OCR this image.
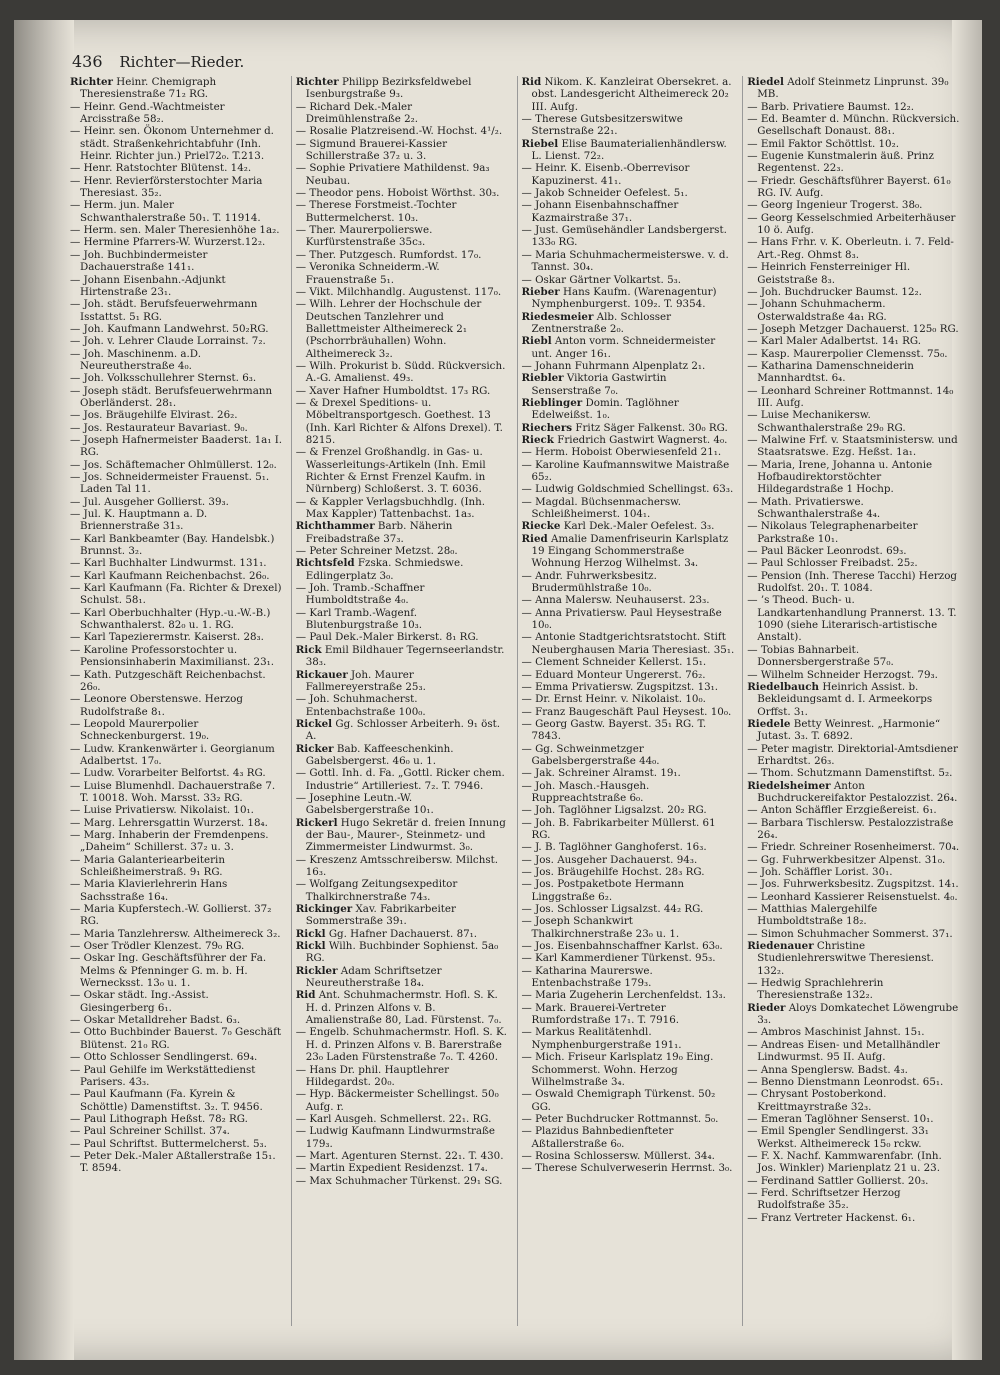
436 Richter—Rieder.

Richter Heinr. Chemigraph Theresienstraße 71₂ RG.

— Heinr. Gend.-Wachtmeister Arcisstraße 58₂.

— Heinr. sen. Ökonom Unternehmer d. städt. Straßenkehrichtabfuhr (Inh. Heinr. Richter jun.) Priel72₀. T.213.

— Henr. Ratstochter Blütenst. 14₂.

— Henr. Revierförsterstochter Maria Theresiast. 35₂.

— Herm. jun. Maler Schwanthalerstraße 50₁. T. 11914.

— Herm. sen. Maler Theresienhöhe 1a₂.

— Hermine Pfarrers-W. Wurzerst.12₂.

— Joh. Buchbindermeister Dachauerstraße 141₁.

— Johann Eisenbahn.-Adjunkt Hirtenstraße 23₁.

— Joh. städt. Berufsfeuerwehrmann Isstattst. 5₁ RG.

— Joh. Kaufmann Landwehrst. 50₂RG.

— Joh. v. Lehrer Claude Lorrainst. 7₂.

— Joh. Maschinenm. a.D. Neureutherstraße 4₀.

— Joh. Volksschullehrer Sternst. 6₃.

— Joseph städt. Berufsfeuerwehrmann Oberländerst. 28₁.

— Jos. Bräugehilfe Elvirast. 26₂.

— Jos. Restaurateur Bavariast. 9₀.

— Joseph Hafnermeister Baaderst. 1a₁ I. RG.

— Jos. Schäftemacher Ohlmüllerst. 12₀.

— Jos. Schneidermeister Frauenst. 5₁. Laden Tal 11.

— Jul. Ausgeher Gollierst. 39₃.

— Jul. K. Hauptmann a. D. Briennerstraße 31₃.

— Karl Bankbeamter (Bay. Handelsbk.) Brunnst. 3₂.

— Karl Buchhalter Lindwurmst. 131₁.

— Karl Kaufmann Reichenbachst. 26₀.

— Karl Kaufmann (Fa. Richter & Drexel) Schulst. 58₁.

— Karl Oberbuchhalter (Hyp.-u.-W.-B.) Schwanthalerst. 82₀ u. 1. RG.

— Karl Tapezierermstr. Kaiserst. 28₃.

— Karoline Professorstochter u. Pensionsinhaberin Maximilianst. 23₁.

— Kath. Putzgeschäft Reichenbachst. 26₀.

— Leonore Oberstenswe. Herzog Rudolfstraße 8₁.

— Leopold Maurerpolier Schneckenburgerst. 19₀.

— Ludw. Krankenwärter i. Georgianum Adalbertst. 17₀.

— Ludw. Vorarbeiter Belfortst. 4₃ RG.

— Luise Blumenhdl. Dachauerstraße 7. T. 10018. Woh. Marsst. 33₂ RG.

— Luise Privatiersw. Nikolaist. 10₁.

— Marg. Lehrersgattin Wurzerst. 18₄.

— Marg. Inhaberin der Fremdenpens. „Daheim“ Schillerst. 37₂ u. 3.

— Maria Galanteriearbeiterin Schleißheimerstraß. 9₁ RG.

— Maria Klavierlehrerin Hans Sachsstraße 16₄.

— Maria Kupferstech.-W. Gollierst. 37₂ RG.

— Maria Tanzlehrersw. Altheimereck 3₂.

— Oser Trödler Klenzest. 79₀ RG.

— Oskar Ing. Geschäftsführer der Fa. Melms & Pfenninger G. m. b. H. Wernecksst. 13₀ u. 1.

— Oskar städt. Ing.-Assist. Giesingerberg 6₁.

— Oskar Metalldreher Badst. 6₃.

— Otto Buchbinder Bauerst. 7₀ Geschäft Blütenst. 21₀ RG.

— Otto Schlosser Sendlingerst. 69₄.

— Paul Gehilfe im Werkstättedienst Parisers. 43₃.

— Paul Kaufmann (Fa. Kyrein & Schöttle) Damenstiftst. 3₂. T. 9456.

— Paul Lithograph Heßst. 78₂ RG.

— Paul Schreiner Schillst. 37₄.

— Paul Schriftst. Buttermelcherst. 5₃.

— Peter Dek.-Maler Aßtallerstraße 15₁. T. 8594.

Richter Philipp Bezirksfeldwebel Isenburgstraße 9₃.

— Richard Dek.-Maler Dreimühlenstraße 2₂.

— Rosalie Platzreisend.-W. Hochst. 4¹/₂.

— Sigmund Brauerei-Kassier Schillerstraße 37₂ u. 3.

— Sophie Privatiere Mathildenst. 9a₃ Neubau.

— Theodor pens. Hoboist Wörthst. 30₃.

— Therese Forstmeist.-Tochter Buttermelcherst. 10₃.

— Ther. Maurerpolierswe. Kurfürstenstraße 35c₃.

— Ther. Putzgesch. Rumfordst. 17₀.

— Veronika Schneiderm.-W. Frauenstraße 5₁.

— Vikt. Milchhandlg. Augustenst. 117₀.

— Wilh. Lehrer der Hochschule der Deutschen Tanzlehrer und Ballettmeister Altheimereck 2₁ (Pschorrbräuhallen) Wohn. Altheimereck 3₂.

— Wilh. Prokurist b. Südd. Rückversich. A.-G. Amalienst. 49₃.

— Xaver Hafner Humboldtst. 17₃ RG.

— & Drexel Speditions- u. Möbeltransportgesch. Goethest. 13 (Inh. Karl Richter & Alfons Drexel). T. 8215.

— & Frenzel Großhandlg. in Gas- u. Wasserleitungs-Artikeln (Inh. Emil Richter & Ernst Frenzel Kaufm. in Nürnberg) Schloßerst. 3. T. 6036.

— & Kappler Verlagsbuchhdlg. (Inh. Max Kappler) Tattenbachst. 1a₃.

Richthammer Barb. Näherin Freibadstraße 37₃.

— Peter Schreiner Metzst. 28₀.

Richtsfeld Fzska. Schmiedswe. Edlingerplatz 3₀.

— Joh. Tramb.-Schaffner Humboldtstraße 4₀.

— Karl Tramb.-Wagenf. Blutenburgstraße 10₃.

— Paul Dek.-Maler Birkerst. 8₁ RG.

Rick Emil Bildhauer Tegernseerlandstr. 38₃.

Rickauer Joh. Maurer Fallmereyerstraße 25₃.

— Joh. Schuhmacherst. Entenbachstraße 100₀.

Rickel Gg. Schlosser Arbeiterh. 9₁ öst. A.

Ricker Bab. Kaffeeschenkinh. Gabelsbergerst. 46₀ u. 1.

— Gottl. Inh. d. Fa. „Gottl. Ricker chem. Industrie“ Artilleriest. 7₂. T. 7946.

— Josephine Leutn.-W. Gabelsbergerstraße 10₁.

Rickerl Hugo Sekretär d. freien Innung der Bau-, Maurer-, Steinmetz- und Zimmermeister Lindwurmst. 3₀.

— Kreszenz Amtsschreibersw. Milchst. 16₃.

— Wolfgang Zeitungsexpeditor Thalkirchnerstraße 74₃.

Rickinger Xav. Fabrikarbeiter Sommerstraße 39₁.

Rickl Gg. Hafner Dachauerst. 87₁.

Rickl Wilh. Buchbinder Sophienst. 5a₀ RG.

Rickler Adam Schriftsetzer Neureutherstraße 18₄.

Rid Ant. Schuhmachermstr. Hofl. S. K. H. d. Prinzen Alfons v. B. Amalienstraße 80, Lad. Fürstenst. 7₀.

— Engelb. Schuhmachermstr. Hofl. S. K. H. d. Prinzen Alfons v. B. Barerstraße 23₀ Laden Fürstenstraße 7₀. T. 4260.

— Hans Dr. phil. Hauptlehrer Hildegardst. 20₀.

— Hyp. Bäckermeister Schellingst. 50₀ Aufg. r.

— Karl Ausgeh. Schmellerst. 22₁. RG.

— Ludwig Kaufmann Lindwurmstraße 179₃.

— Mart. Agenturen Sternst. 22₁. T. 430.

— Martin Expedient Residenzst. 17₄.

— Max Schuhmacher Türkenst. 29₁ SG.

Rid Nikom. K. Kanzleirat Obersekret. a. obst. Landesgericht Altheimereck 20₂ III. Aufg.

— Therese Gutsbesitzerswitwe Sternstraße 22₁.

Riebel Elise Baumaterialienhändlersw. L. Lienst. 72₂.

— Heinr. K. Eisenb.-Oberrevisor Kapuzinerst. 41₁.

— Jakob Schneider Oefelest. 5₁.

— Johann Eisenbahnschaffner Kazmairstraße 37₁.

— Just. Gemüsehändler Landsbergerst. 133₀ RG.

— Maria Schuhmachermeisterswe. v. d. Tannst. 30₄.

— Oskar Gärtner Volkartst. 5₃.

Rieber Hans Kaufm. (Warenagentur) Nymphenburgerst. 109₂. T. 9354.

Riedesmeier Alb. Schlosser Zentnerstraße 2₀.

Riebl Anton vorm. Schneidermeister unt. Anger 16₁.

— Johann Fuhrmann Alpenplatz 2₁.

Riebler Viktoria Gastwirtin Senserstraße 7₀.

Rieblinger Domin. Taglöhner Edelweißst. 1₀.

Riechers Fritz Säger Falkenst. 30₀ RG.

Rieck Friedrich Gastwirt Wagnerst. 4₀.

— Herm. Hoboist Oberwiesenfeld 21₁.

— Karoline Kaufmannswitwe Maistraße 65₂.

— Ludwig Goldschmied Schellingst. 63₃.

— Magdal. Büchsenmachersw. Schleißheimerst. 104₁.

Riecke Karl Dek.-Maler Oefelest. 3₃.

Ried Amalie Damenfriseurin Karlsplatz 19 Eingang Schommerstraße Wohnung Herzog Wilhelmst. 3₄.

— Andr. Fuhrwerksbesitz. Brudermühlstraße 10₀.

— Anna Malersw. Neuhauserst. 23₃.

— Anna Privatiersw. Paul Heysestraße 10₀.

— Antonie Stadtgerichtsratstocht. Stift Neuberghausen Maria Theresiast. 35₁.

— Clement Schneider Kellerst. 15₁.

— Eduard Monteur Ungererst. 76₂.

— Emma Privatiersw. Zugspitzst. 13₁.

— Dr. Ernst Heinr. v. Nikolaist. 10₀.

— Franz Baugeschäft Paul Heysest. 10₀.

— Georg Gastw. Bayerst. 35₁ RG. T. 7843.

— Gg. Schweinmetzger Gabelsbergerstraße 44₀.

— Jak. Schreiner Alramst. 19₁.

— Joh. Masch.-Hausgeh. Ruppreachtstraße 6₀.

— Joh. Taglöhner Ligsalzst. 20₂ RG.

— Joh. B. Fabrikarbeiter Müllerst. 61 RG.

— J. B. Taglöhner Ganghoferst. 16₃.

— Jos. Ausgeher Dachauerst. 94₃.

— Jos. Bräugehilfe Hochst. 28₃ RG.

— Jos. Postpaketbote Hermann Linggstraße 6₂.

— Jos. Schlosser Ligsalzst. 44₂ RG.

— Joseph Schankwirt Thalkirchnerstraße 23₀ u. 1.

— Jos. Eisenbahnschaffner Karlst. 63₀.

— Karl Kammerdiener Türkenst. 95₃.

— Katharina Maurerswe. Entenbachstraße 179₃.

— Maria Zugeherin Lerchenfeldst. 13₃.

— Mark. Brauerei-Vertreter Rumfordstraße 17₁. T. 7916.

— Markus Realitätenhdl. Nymphenburgerstraße 191₁.

— Mich. Friseur Karlsplatz 19₀ Eing. Schommerst. Wohn. Herzog Wilhelmstraße 3₄.

— Oswald Chemigraph Türkenst. 50₂ GG.

— Peter Buchdrucker Rottmannst. 5₀.

— Plazidus Bahnbedienfteter Aßtallerstraße 6₀.

— Rosina Schlossersw. Müllerst. 34₄.

— Therese Schulverweserin Herrnst. 3₀.

Riedel Adolf Steinmetz Linprunst. 39₀ MB.

— Barb. Privatiere Baumst. 12₂.

— Ed. Beamter d. Münchn. Rückversich. Gesellschaft Donaust. 88₁.

— Emil Faktor Schöttlst. 10₂.

— Eugenie Kunstmalerin äuß. Prinz Regentenst. 22₃.

— Friedr. Geschäftsführer Bayerst. 61₀ RG. IV. Aufg.

— Georg Ingenieur Trogerst. 38₀.

— Georg Kesselschmied Arbeiterhäuser 10 ö. Aufg.

— Hans Frhr. v. K. Oberleutn. i. 7. Feld-Art.-Reg. Ohmst 8₃.

— Heinrich Fensterreiniger Hl. Geiststraße 8₃.

— Joh. Buchdrucker Baumst. 12₂.

— Johann Schuhmacherm. Osterwaldstraße 4a₁ RG.

— Joseph Metzger Dachauerst. 125₀ RG.

— Karl Maler Adalbertst. 14₁ RG.

— Kasp. Maurerpolier Clemensst. 75₀.

— Katharina Damenschneiderin Mannhardtst. 6₄.

— Leonhard Schreiner Rottmannst. 14₀ III. Aufg.

— Luise Mechanikersw. Schwanthalerstraße 29₀ RG.

— Malwine Frf. v. Staatsministersw. und Staatsratswe. Ezg. Heßst. 1a₁.

— Maria, Irene, Johanna u. Antonie Hofbaudirektorstöchter Hildegardstraße 1 Hochp.

— Math. Privatierswe. Schwanthalerstraße 4₄.

— Nikolaus Telegraphenarbeiter Parkstraße 10₁.

— Paul Bäcker Leonrodst. 69₃.

— Paul Schlosser Freibadst. 25₂.

— Pension (Inh. Therese Tacchi) Herzog Rudolfst. 20₁. T. 1084.

— ’s Theod. Buch- u. Landkartenhandlung Prannerst. 13. T. 1090 (siehe Literarisch-artistische Anstalt).

— Tobias Bahnarbeit. Donnersbergerstraße 57₀.

— Wilhelm Schneider Herzogst. 79₃.

Riedelbauch Heinrich Assist. b. Bekleidungsamt d. I. Armeekorps Orffst. 3₁.

Riedele Betty Weinrest. „Harmonie“ Jutast. 3₃. T. 6892.

— Peter magistr. Direktorial-Amtsdiener Erhardtst. 26₃.

— Thom. Schutzmann Damenstiftst. 5₂.

Riedelsheimer Anton Buchdruckereifaktor Pestalozzist. 26₄.

— Anton Schäffler Erzgießereist. 6₁.

— Barbara Tischlersw. Pestalozzistraße 26₄.

— Friedr. Schreiner Rosenheimerst. 70₄.

— Gg. Fuhrwerkbesitzer Alpenst. 31₀.

— Joh. Schäffler Lorist. 30₁.

— Jos. Fuhrwerksbesitz. Zugspitzst. 14₁.

— Leonhard Kassierer Reisenstuelst. 4₀.

— Matthias Malergehilfe Humboldtstraße 18₂.

— Simon Schuhmacher Sommerst. 37₁.

Riedenauer Christine Studienlehrerswitwe Theresienst. 132₂.

— Hedwig Sprachlehrerin Theresienstraße 132₂.

Rieder Aloys Domkatechet Löwengrube 3₃.

— Ambros Maschinist Jahnst. 15₁.

— Andreas Eisen- und Metallhändler Lindwurmst. 95 II. Aufg.

— Anna Spenglersw. Badst. 4₃.

— Benno Dienstmann Leonrodst. 65₁.

— Chrysant Postoberkond. Kreittmayrstraße 32₃.

— Emeran Taglöhner Senserst. 10₁.

— Emil Spengler Sendlingerst. 33₁ Werkst. Altheimereck 15₀ rckw.

— F. X. Nachf. Kammwarenfabr. (Inh. Jos. Winkler) Marienplatz 21 u. 23.

— Ferdinand Sattler Gollierst. 20₃.

— Ferd. Schriftsetzer Herzog Rudolfstraße 35₂.

— Franz Vertreter Hackenst. 6₁.
